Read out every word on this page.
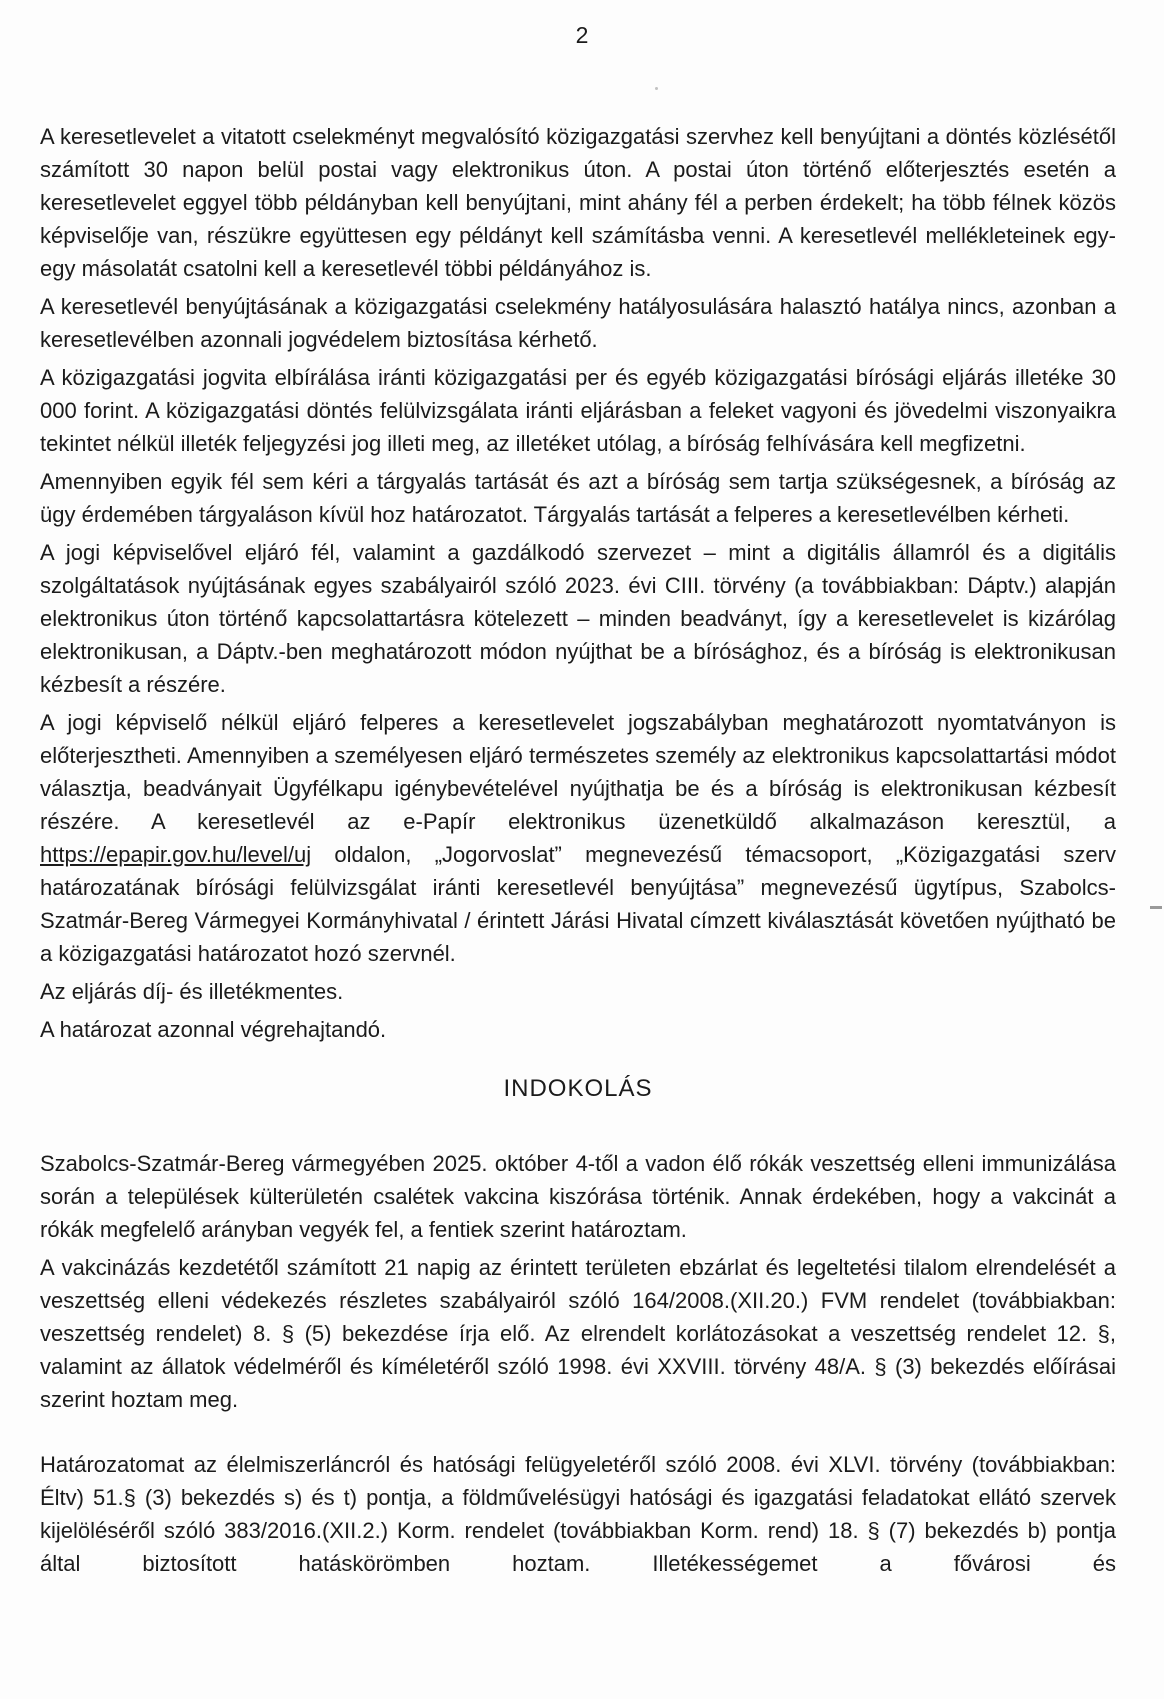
2

A keresetlevelet a vitatott cselekményt megvalósító közigazgatási szervhez kell benyújtani a döntés közlésétől számított 30 napon belül postai vagy elektronikus úton. A postai úton történő előterjesztés esetén a keresetlevelet eggyel több példányban kell benyújtani, mint ahány fél a perben érdekelt; ha több félnek közös képviselője van, részükre együttesen egy példányt kell számításba venni. A keresetlevél mellékleteinek egy-egy másolatát csatolni kell a keresetlevél többi példányához is.

A keresetlevél benyújtásának a közigazgatási cselekmény hatályosulására halasztó hatálya nincs, azonban a keresetlevélben azonnali jogvédelem biztosítása kérhető.

A közigazgatási jogvita elbírálása iránti közigazgatási per és egyéb közigazgatási bírósági eljárás illetéke 30 000 forint. A közigazgatási döntés felülvizsgálata iránti eljárásban a feleket vagyoni és jövedelmi viszonyaikra tekintet nélkül illeték feljegyzési jog illeti meg, az illetéket utólag, a bíróság felhívására kell megfizetni.

Amennyiben egyik fél sem kéri a tárgyalás tartását és azt a bíróság sem tartja szükségesnek, a bíróság az ügy érdemében tárgyaláson kívül hoz határozatot. Tárgyalás tartását a felperes a keresetlevélben kérheti.

A jogi képviselővel eljáró fél, valamint a gazdálkodó szervezet – mint a digitális államról és a digitális szolgáltatások nyújtásának egyes szabályairól szóló 2023. évi CIII. törvény (a továbbiakban: Dáptv.) alapján elektronikus úton történő kapcsolattartásra kötelezett – minden beadványt, így a keresetlevelet is kizárólag elektronikusan, a Dáptv.-ben meghatározott módon nyújthat be a bírósághoz, és a bíróság is elektronikusan kézbesít a részére.

A jogi képviselő nélkül eljáró felperes a keresetlevelet jogszabályban meghatározott nyomtatványon is előterjesztheti. Amennyiben a személyesen eljáró természetes személy az elektronikus kapcsolattartási módot választja, beadványait Ügyfélkapu igénybevételével nyújthatja be és a bíróság is elektronikusan kézbesít részére. A keresetlevél az e-Papír elektronikus üzenetküldő alkalmazáson keresztül, a https://epapir.gov.hu/level/uj oldalon, „Jogorvoslat” megnevezésű témacsoport, „Közigazgatási szerv határozatának bírósági felülvizsgálat iránti keresetlevél benyújtása” megnevezésű ügytípus, Szabolcs-Szatmár-Bereg Vármegyei Kormányhivatal / érintett Járási Hivatal címzett kiválasztását követően nyújtható be a közigazgatási határozatot hozó szervnél.

Az eljárás díj- és illetékmentes.

A határozat azonnal végrehajtandó.

INDOKOLÁS

Szabolcs-Szatmár-Bereg vármegyében 2025. október 4-től a vadon élő rókák veszettség elleni immunizálása során a települések külterületén csalétek vakcina kiszórása történik. Annak érdekében, hogy a vakcinát a rókák megfelelő arányban vegyék fel, a fentiek szerint határoztam.

A vakcinázás kezdetétől számított 21 napig az érintett területen ebzárlat és legeltetési tilalom elrendelését a veszettség elleni védekezés részletes szabályairól szóló 164/2008.(XII.20.) FVM rendelet (továbbiakban: veszettség rendelet) 8. § (5) bekezdése írja elő. Az elrendelt korlátozásokat a veszettség rendelet 12. §, valamint az állatok védelméről és kíméletéről szóló 1998. évi XXVIII. törvény 48/A. § (3) bekezdés előírásai szerint hoztam meg.

Határozatomat az élelmiszerláncról és hatósági felügyeletéről szóló 2008. évi XLVI. törvény (továbbiakban: Éltv) 51.§ (3) bekezdés s) és t) pontja, a földművelésügyi hatósági és igazgatási feladatokat ellátó szervek kijelöléséről szóló 383/2016.(XII.2.) Korm. rendelet (továbbiakban Korm. rend) 18. § (7) bekezdés b) pontja által biztosított hatáskörömben hoztam. Illetékességemet a fővárosi és
